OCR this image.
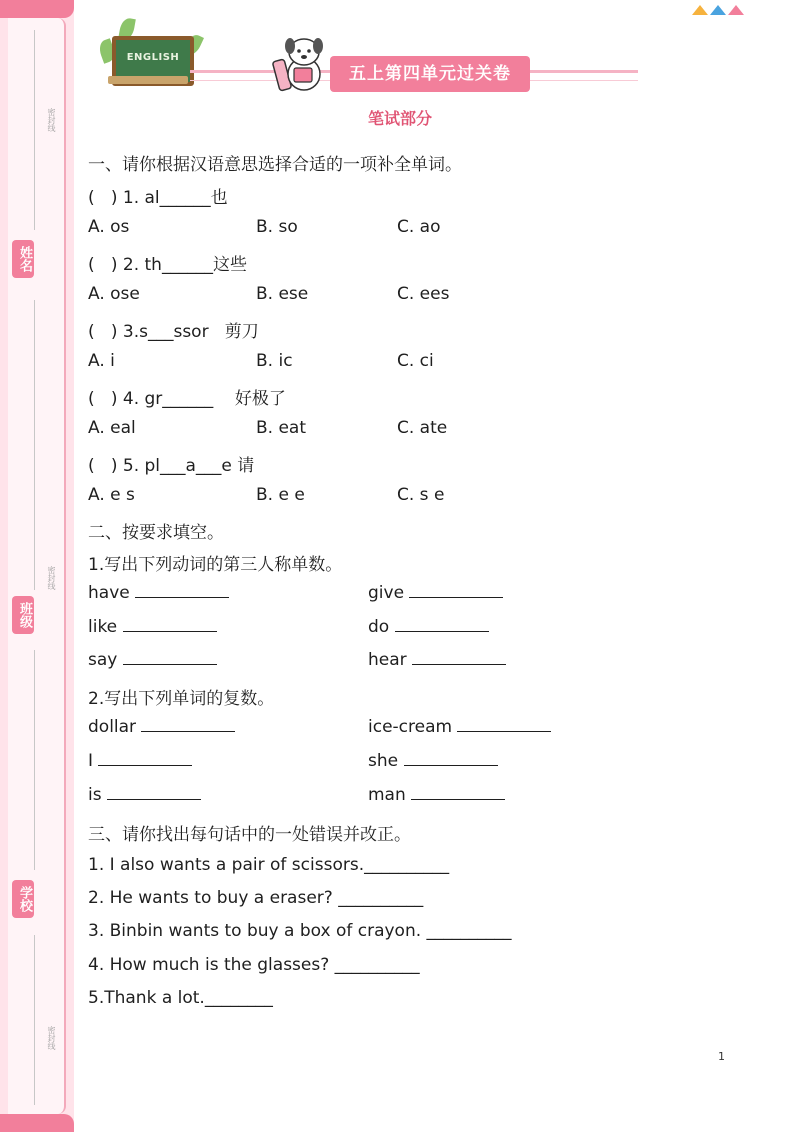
密封线
密封线
密封线
姓名
班级
学校
ENGLISH
五上第四单元过关卷
笔试部分
一、请你根据汉语意思选择合适的一项补全单词。
(   ) 1. al______也
A. os	B. so	C. ao
(   ) 2. th______这些
A. ose	B. ese	C. ees
(   ) 3.s___ssor   剪刀
A. i	B. ic	C. ci
(   ) 4. gr______    好极了
A. eal	B. eat	C. ate
(   ) 5. pl___a___e 请
A. e s	B. e e	C. s e
二、按要求填空。
1.写出下列动词的第三人称单数。
have	give
like	do
say	hear
2.写出下列单词的复数。
dollar	ice-cream
I	she
is	man
三、请你找出每句话中的一处错误并改正。
1. I also wants a pair of scissors.__________
2. He wants to buy a eraser? __________
3. Binbin wants to buy a box of crayon. __________
4. How much is the glasses? __________
5.Thank a lot.________
1
